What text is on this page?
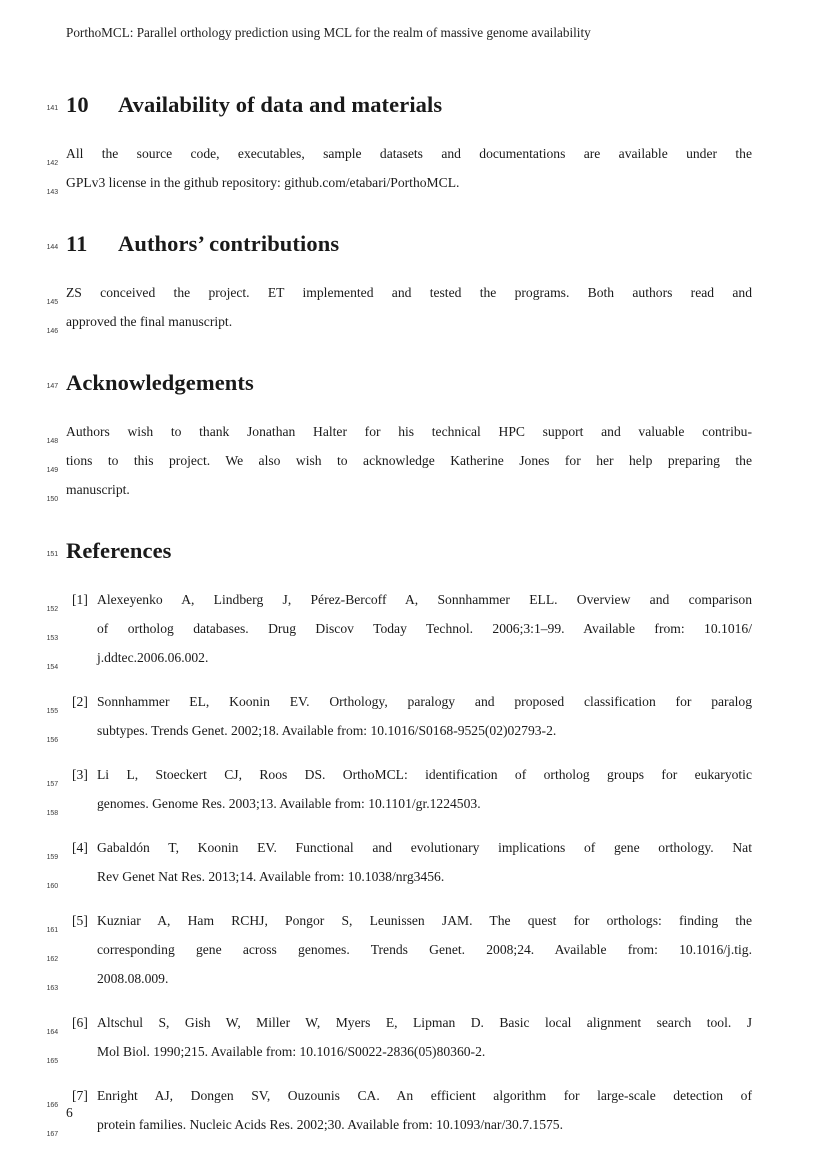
PorthoMCL: Parallel orthology prediction using MCL for the realm of massive genome availability
141 10 Availability of data and materials
142
All the source code, executables, sample datasets and documentations are available under the
143
GPLv3 license in the github repository: github.com/etabari/PorthoMCL.
144 11 Authors’ contributions
145
ZS conceived the project. ET implemented and tested the programs. Both authors read and
146
approved the final manuscript.
147 Acknowledgements
148
Authors wish to thank Jonathan Halter for his technical HPC support and valuable contribu-
149
tions to this project. We also wish to acknowledge Katherine Jones for her help preparing the
150
manuscript.
151 References
152
[1] Alexeyenko A, Lindberg J, Pérez-Bercoff A, Sonnhammer ELL. Overview and comparison
153
of ortholog databases. Drug Discov Today Technol. 2006;3:1–99. Available from: 10.1016/
154
j.ddtec.2006.06.002.
155
[2] Sonnhammer EL, Koonin EV. Orthology, paralogy and proposed classification for paralog
156
subtypes. Trends Genet. 2002;18. Available from: 10.1016/S0168-9525(02)02793-2.
157
[3] Li L, Stoeckert CJ, Roos DS. OrthoMCL: identification of ortholog groups for eukaryotic
158
genomes. Genome Res. 2003;13. Available from: 10.1101/gr.1224503.
159
[4] Gabaldón T, Koonin EV. Functional and evolutionary implications of gene orthology. Nat
160
Rev Genet Nat Res. 2013;14. Available from: 10.1038/nrg3456.
161
[5] Kuzniar A, Ham RCHJ, Pongor S, Leunissen JAM. The quest for orthologs: finding the
162
corresponding gene across genomes. Trends Genet. 2008;24. Available from: 10.1016/j.tig.
163
2008.08.009.
164
[6] Altschul S, Gish W, Miller W, Myers E, Lipman D. Basic local alignment search tool. J
165
Mol Biol. 1990;215. Available from: 10.1016/S0022-2836(05)80360-2.
166
[7] Enright AJ, Dongen SV, Ouzounis CA. An efficient algorithm for large-scale detection of
167
protein families. Nucleic Acids Res. 2002;30. Available from: 10.1093/nar/30.7.1575.
6
